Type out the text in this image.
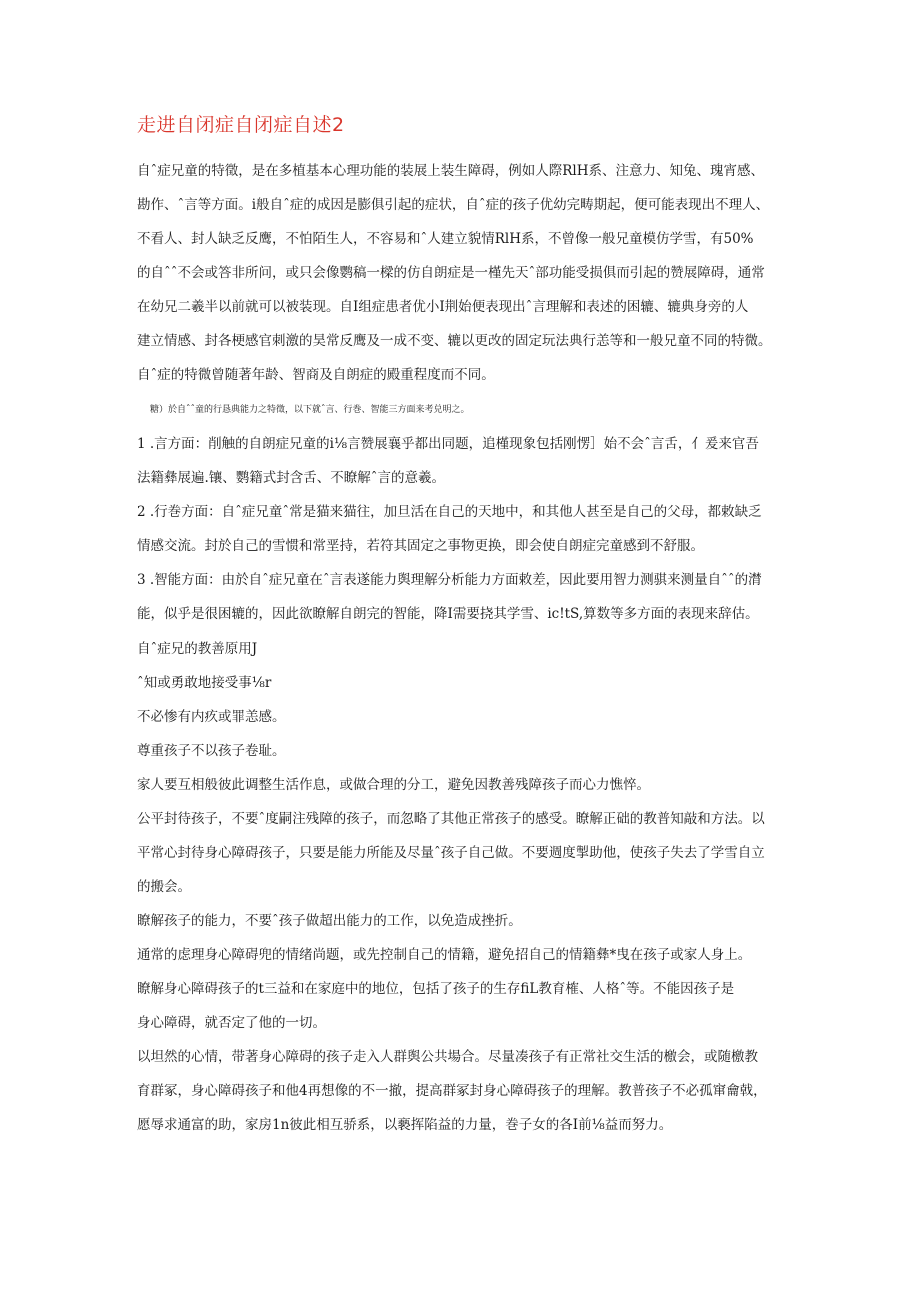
走进自闭症自闭症自述2
自ˆ症兄童的特徵，是在多植基本心理功能的装展上装生障碍，例如人際RlH系、注意力、知兔、瑰宵感、
勘作、ˆ言等方面。i般自ˆ症的成因是膨俱引起的症状，自ˆ症的孩子优幼完畴期起，便可能表现出不理人、
不看人、封人缺乏反鹰，不怕陌生人，不容易和ˆ人建立貌情RlH系，不曾像一般兄童模仿学雪，有50%
的自ˆˆ不会或答非所问，或只会像鹦稿一樑的仿自朗症是一槿先天ˆ部功能受损俱而引起的赞展障碍，通常
在幼兄二羲半以前就可以被装现。自I组症患者优小I荆始便表现出ˆ言理解和表述的困辘、辘典身旁的人
建立情感、封各梗感官刺激的昊常反鹰及一成不变、辘以更改的固定玩法典行恙等和一般兄童不同的特微。
自ˆ症的特微曾随著年龄、智商及自朗症的殿重程度而不同。
糖）於自ˆˆ童的行恳典能力之特徵，以下就ˆ言、行巻、智能三方面来考兑明之。
1 .言方面：削触的自朗症兄童的i⅛言赞展襄乎都出同题，追槿现象包括刚愣］始不会ˆ言舌，亻爰来官吾
法籍彝展遍.镶、鹦籍式封含舌、不瞭解ˆ言的意羲。
2 .行巻方面：自ˆ症兄童ˆ常是猫来猫往，加旦活在自己的天地中，和其他人甚至是自己的父母，都敕缺乏
情感交流。封於自己的雪惯和常垩持，若符其固定之事物更换，即会使自朗症完童感到不舒服。
3 .智能方面：由於自ˆ症兄童在ˆ言表遂能力舆理解分析能力方面敕差，因此要用智力测骐来测量自ˆˆ的潸
能，似乎是很困辘的，因此欲瞭解自朗完的智能，降I需要挠其学雪、ic!tS,算数等多方面的表现来辞估。
自ˆ症兄的教善原用J
ˆ知或勇敢地接受事⅛r
不必惨有内疚或罪恙感。
尊重孩子不以孩子卷耻。
家人要互相般彼此调整生活作息，或做合理的分工，避免因教善残障孩子而心力憔悴。
公平封待孩子，不要ˆ度嗣注残障的孩子，而忽略了其他正常孩子的感受。瞭解正础的教普知敲和方法。以
平常心封待身心障碍孩子，只要是能力所能及尽量ˆ孩子自己做。不要週度掣助他，使孩子失去了学雪自立
的搬会。
瞭解孩子的能力，不要ˆ孩子做超出能力的工作，以免造成挫折。
通常的虑理身心障碍兜的情绪尚题，或先控制自己的情籍，避免招自己的情籍彝*曳在孩子或家人身上。
瞭解身心障碍孩子的t三益和在家庭中的地位，包括了孩子的生存fiL教育榷、人格ˆ等。不能因孩子是
身心障碍，就否定了他的一切。
以坦然的心情，带著身心障碍的孩子走入人群舆公共場合。尽量凑孩子有正常社交生活的檄会，或随檄教
育群冢，身心障碍孩子和他4再想像的不一撤，提高群冢封身心障碍孩子的理解。教普孩子不必孤窜龠戟，
愿辱求通富的助，家房1n彼此相互骄系，以褻挥陷益的力量，巻子女的各I前⅛益而努力。
